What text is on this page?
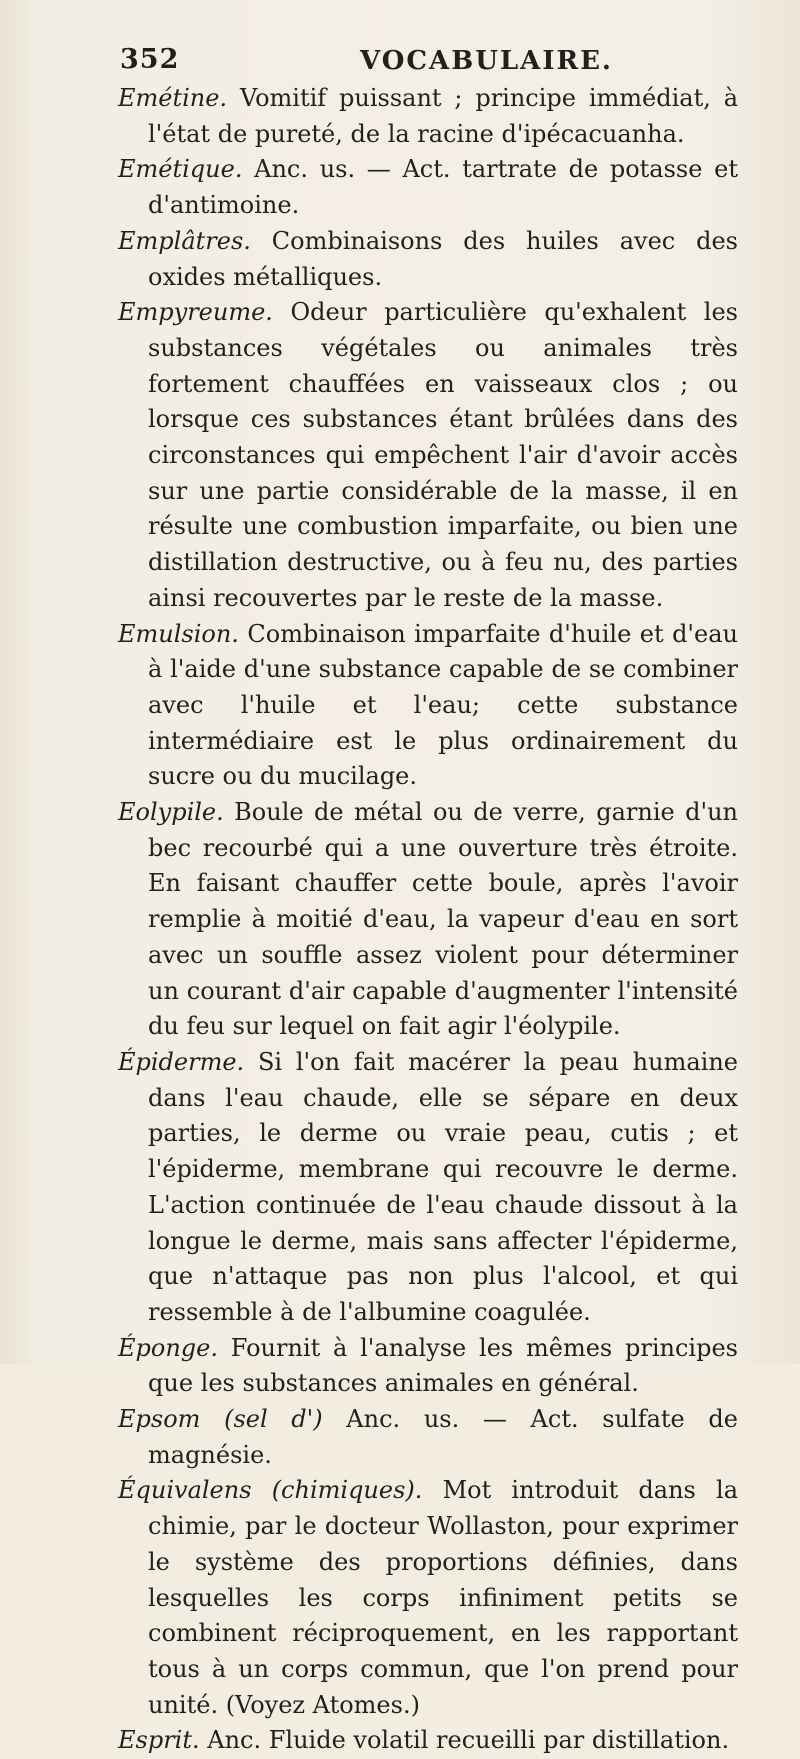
352	VOCABULAIRE.

Emétine. Vomitif puissant ; principe immédiat, à l'état de pureté, de la racine d'ipécacuanha.

Emétique. Anc. us. — Act. tartrate de potasse et d'antimoine.

Emplâtres. Combinaisons des huiles avec des oxides métalliques.

Empyreume. Odeur particulière qu'exhalent les substances végétales ou animales très fortement chauffées en vaisseaux clos ; ou lorsque ces substances étant brûlées dans des circonstances qui empêchent l'air d'avoir accès sur une partie considérable de la masse, il en résulte une combustion imparfaite, ou bien une distillation destructive, ou à feu nu, des parties ainsi recouvertes par le reste de la masse.

Emulsion. Combinaison imparfaite d'huile et d'eau à l'aide d'une substance capable de se combiner avec l'huile et l'eau; cette substance intermédiaire est le plus ordinairement du sucre ou du mucilage.

Eolypile. Boule de métal ou de verre, garnie d'un bec recourbé qui a une ouverture très étroite. En faisant chauffer cette boule, après l'avoir remplie à moitié d'eau, la vapeur d'eau en sort avec un souffle assez violent pour déterminer un courant d'air capable d'augmenter l'intensité du feu sur lequel on fait agir l'éolypile.

Épiderme. Si l'on fait macérer la peau humaine dans l'eau chaude, elle se sépare en deux parties, le derme ou vraie peau, cutis ; et l'épiderme, membrane qui recouvre le derme. L'action continuée de l'eau chaude dissout à la longue le derme, mais sans affecter l'épiderme, que n'attaque pas non plus l'alcool, et qui ressemble à de l'albumine coagulée.

Éponge. Fournit à l'analyse les mêmes principes que les substances animales en général.

Epsom (sel d') Anc. us. — Act. sulfate de magnésie.

Équivalens (chimiques). Mot introduit dans la chimie, par le docteur Wollaston, pour exprimer le système des proportions définies, dans lesquelles les corps infiniment petits se combinent réciproquement, en les rapportant tous à un corps commun, que l'on prend pour unité. (Voyez Atomes.)

Esprit. Anc. Fluide volatil recueilli par distillation.
